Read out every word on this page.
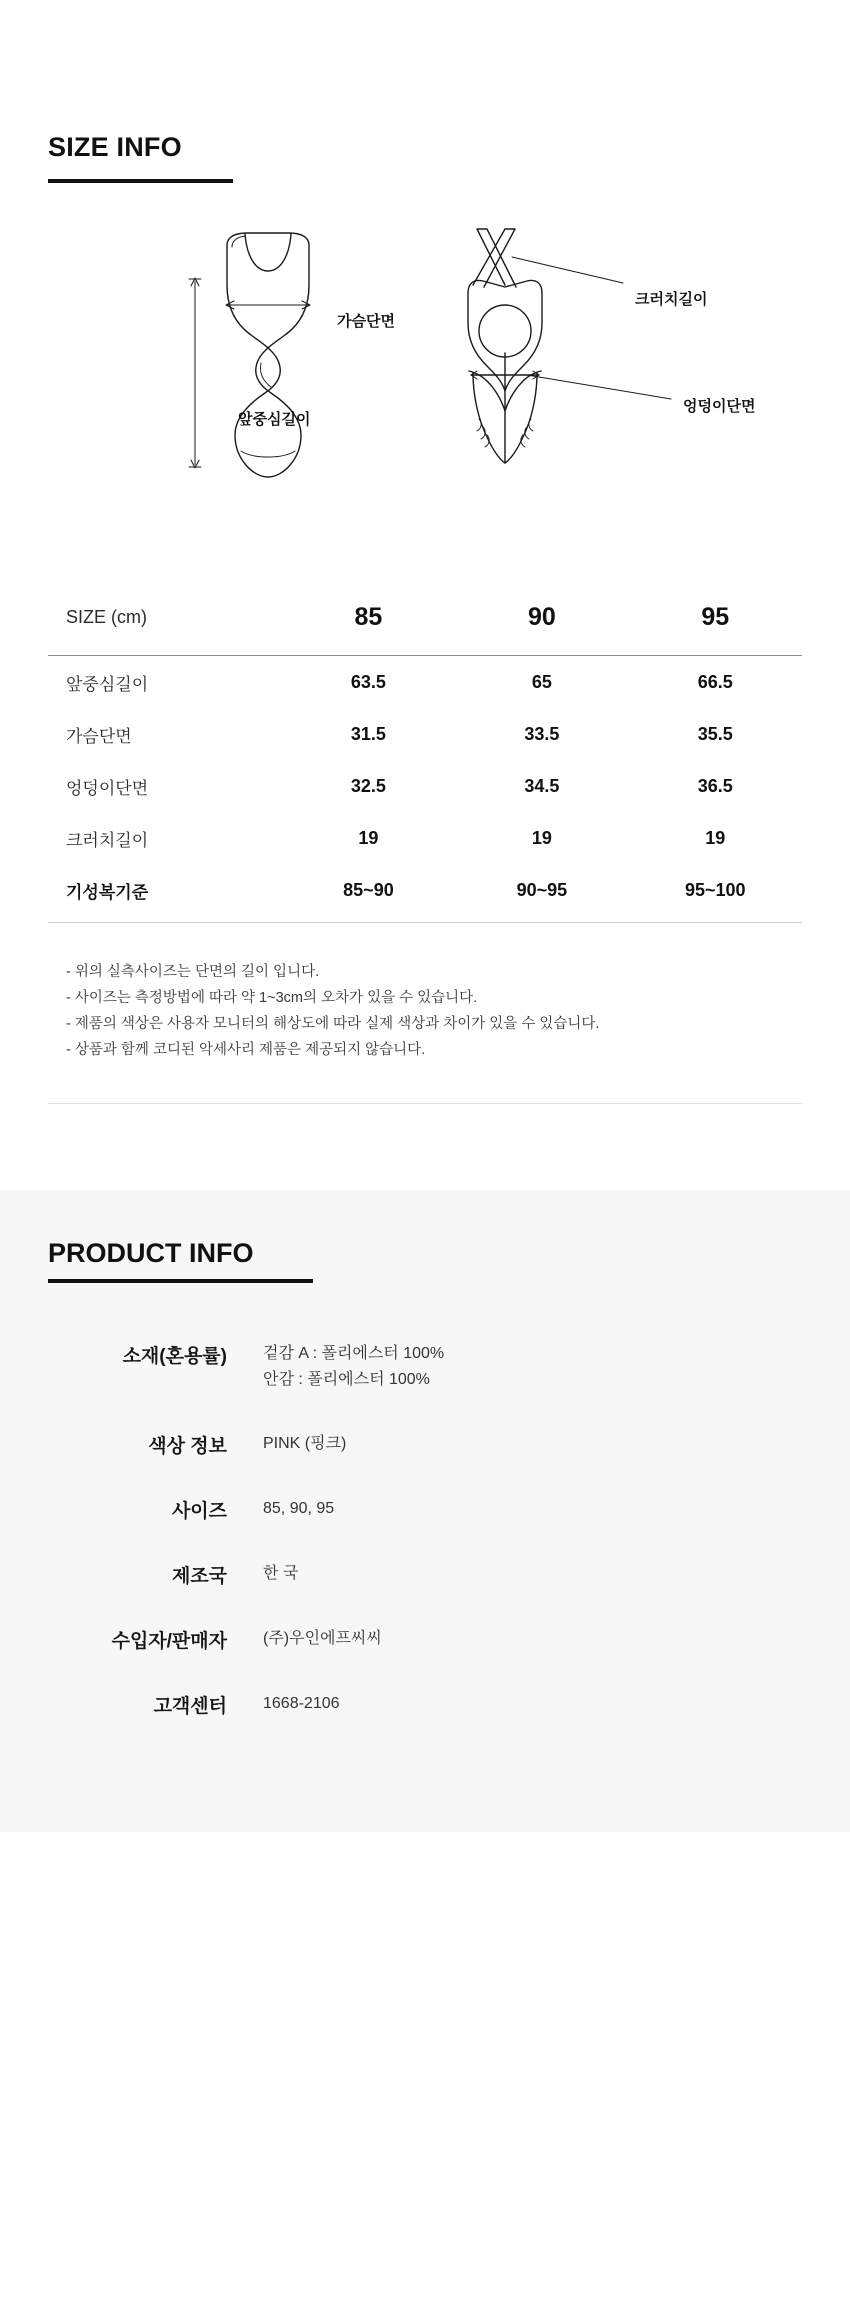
SIZE INFO
가슴단면
앞중심길이
크러치길이
엉덩이단면
SIZE (cm)	85	90	95
앞중심길이	63.5	65	66.5
가슴단면	31.5	33.5	35.5
엉덩이단면	32.5	34.5	36.5
크러치길이	19	19	19
기성복기준	85~90	90~95	95~100
- 위의 실측사이즈는 단면의 길이 입니다.
- 사이즈는 측정방법에 따라 약 1~3cm의 오차가 있을 수 있습니다.
- 제품의 색상은 사용자 모니터의 해상도에 따라 실제 색상과 차이가 있을 수 있습니다.
- 상품과 함께 코디된 악세사리 제품은 제공되지 않습니다.
PRODUCT INFO
소재(혼용률)	겉감 A : 폴리에스터 100%
안감 : 폴리에스터 100%

색상 정보	PINK (핑크)
사이즈	85, 90, 95
제조국	한 국
수입자/판매자	(주)우인에프씨씨
고객센터	1668-2106
